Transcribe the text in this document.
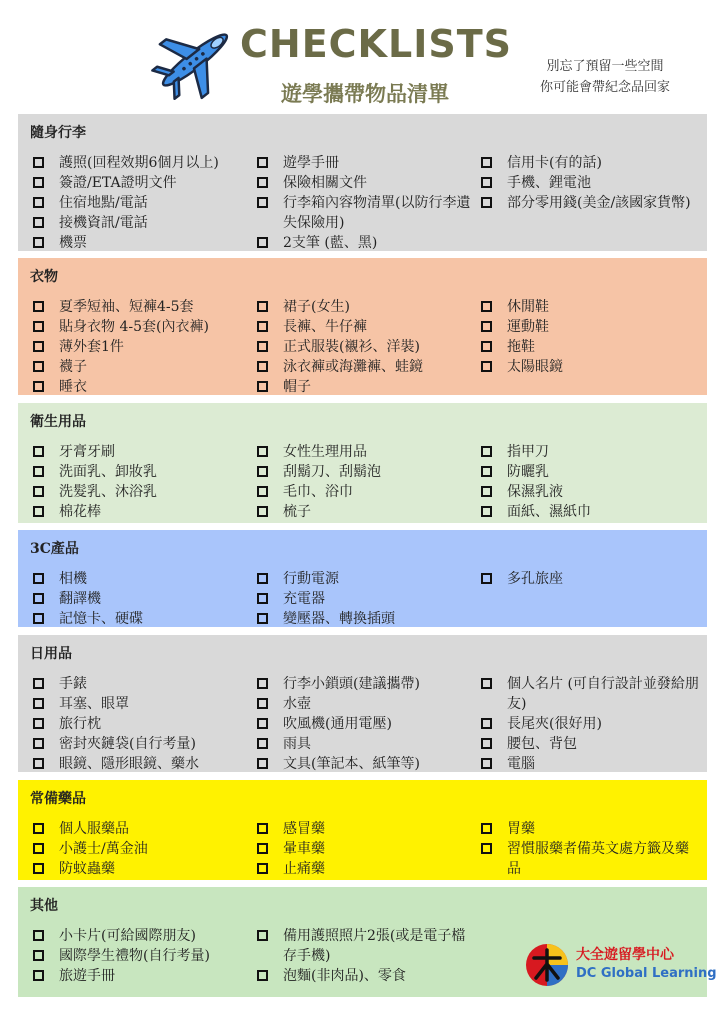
CHECKLISTS
遊學攜帶物品清單
別忘了預留一些空間
你可能會帶紀念品回家
隨身行李
護照(回程效期6個月以上)
簽證/ETA證明文件
住宿地點/電話
接機資訊/電話
機票
遊學手冊
保險相關文件
行李箱內容物清單(以防行李遺失保險用)
2支筆 (藍、黑)
信用卡(有的話)
手機、鋰電池
部分零用錢(美金/該國家貨幣)
衣物
夏季短袖、短褲4-5套
貼身衣物 4-5套(內衣褲)
薄外套1件
襪子
睡衣
裙子(女生)
長褲、牛仔褲
正式服裝(襯衫、洋裝)
泳衣褲或海灘褲、蛙鏡
帽子
休閒鞋
運動鞋
拖鞋
太陽眼鏡
衛生用品
牙膏牙刷
洗面乳、卸妝乳
洗髮乳、沐浴乳
棉花棒
女性生理用品
刮鬍刀、刮鬍泡
毛巾、浴巾
梳子
指甲刀
防曬乳
保濕乳液
面紙、濕紙巾
3C產品
相機
翻譯機
記憶卡、硬碟
行動電源
充電器
變壓器、轉換插頭
多孔旅座
日用品
手錶
耳塞、眼罩
旅行枕
密封夾鏈袋(自行考量)
眼鏡、隱形眼鏡、藥水
行李小鎖頭(建議攜帶)
水壺
吹風機(通用電壓)
雨具
文具(筆記本、紙筆等)
個人名片 (可自行設計並發給朋友)
長尾夾(很好用)
腰包、背包
電腦
常備藥品
個人服藥品
小護士/萬金油
防蚊蟲藥
感冒藥
暈車藥
止痛藥
胃藥
習慣服藥者備英文處方籤及藥品
其他
小卡片(可給國際朋友)
國際學生禮物(自行考量)
旅遊手冊
備用護照照片2張(或是電子檔存手機)
泡麵(非肉品)、零食
大全遊留學中心
DC Global Learning
